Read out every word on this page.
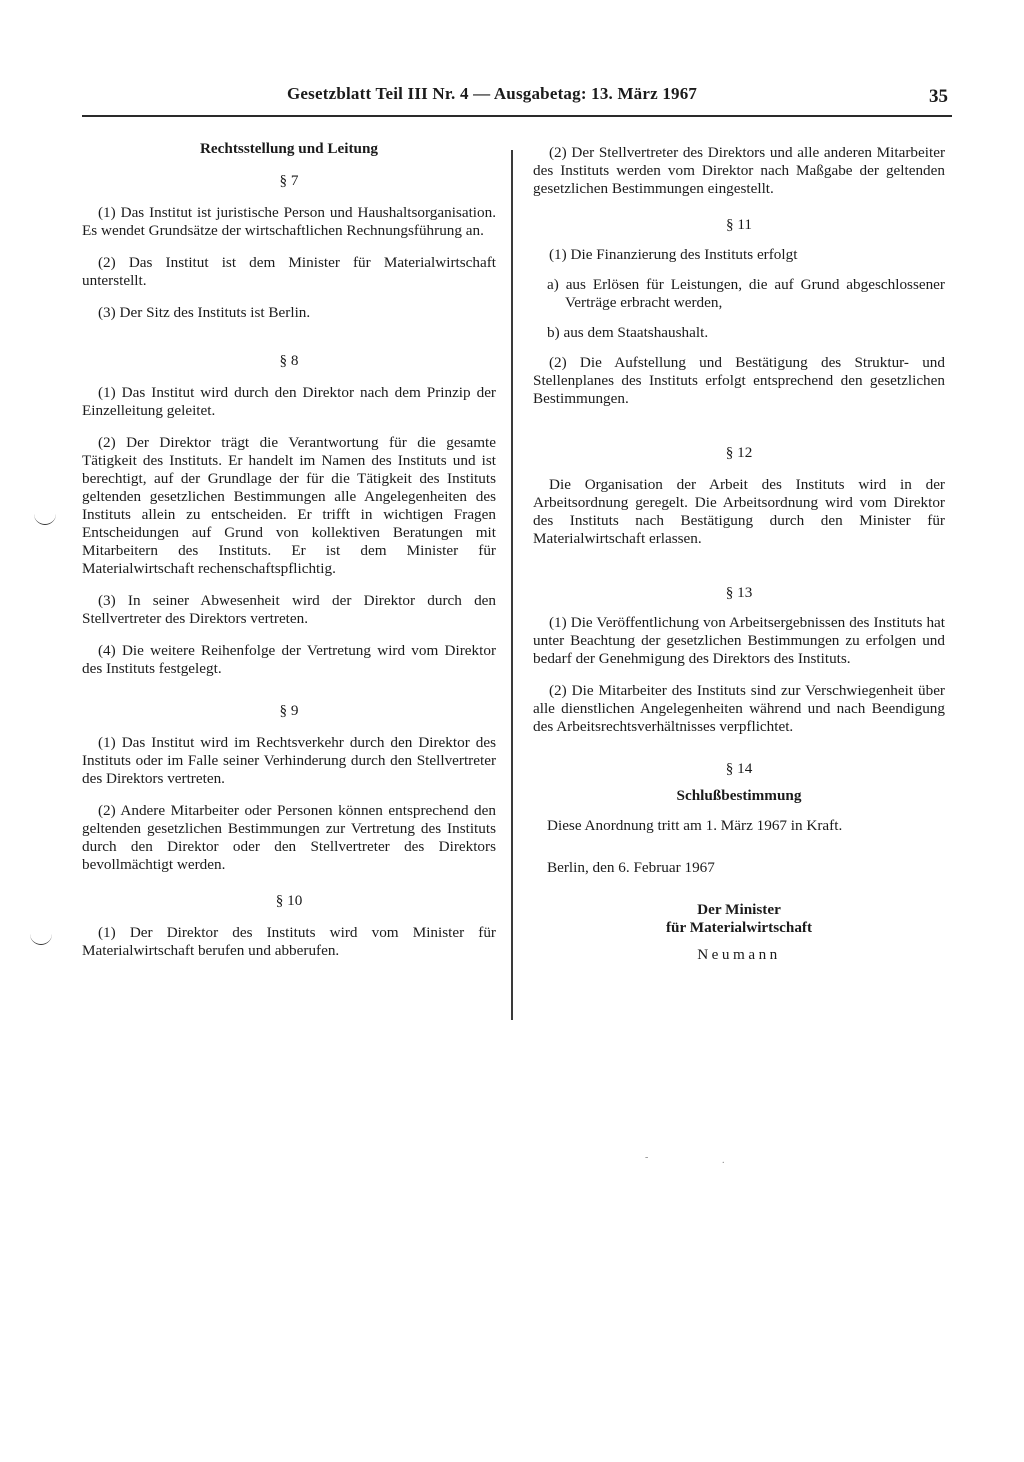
Gesetzblatt Teil III Nr. 4 — Ausgabetag: 13. März 1967	35

Rechtsstellung und Leitung

§ 7

(1) Das Institut ist juristische Person und Haushaltsorganisation. Es wendet Grundsätze der wirtschaftlichen Rechnungsführung an.

(2) Das Institut ist dem Minister für Materialwirtschaft unterstellt.

(3) Der Sitz des Instituts ist Berlin.

§ 8

(1) Das Institut wird durch den Direktor nach dem Prinzip der Einzelleitung geleitet.

(2) Der Direktor trägt die Verantwortung für die gesamte Tätigkeit des Instituts. Er handelt im Namen des Instituts und ist berechtigt, auf der Grundlage der für die Tätigkeit des Instituts geltenden gesetzlichen Bestimmungen alle Angelegenheiten des Instituts allein zu entscheiden. Er trifft in wichtigen Fragen Entscheidungen auf Grund von kollektiven Beratungen mit Mitarbeitern des Instituts. Er ist dem Minister für Materialwirtschaft rechenschaftspflichtig.

(3) In seiner Abwesenheit wird der Direktor durch den Stellvertreter des Direktors vertreten.

(4) Die weitere Reihenfolge der Vertretung wird vom Direktor des Instituts festgelegt.

§ 9

(1) Das Institut wird im Rechtsverkehr durch den Direktor des Instituts oder im Falle seiner Verhinderung durch den Stellvertreter des Direktors vertreten.

(2) Andere Mitarbeiter oder Personen können entsprechend den geltenden gesetzlichen Bestimmungen zur Vertretung des Instituts durch den Direktor oder den Stellvertreter des Direktors bevollmächtigt werden.

§ 10

(1) Der Direktor des Instituts wird vom Minister für Materialwirtschaft berufen und abberufen.

(2) Der Stellvertreter des Direktors und alle anderen Mitarbeiter des Instituts werden vom Direktor nach Maßgabe der geltenden gesetzlichen Bestimmungen eingestellt.

§ 11

(1) Die Finanzierung des Instituts erfolgt

a) aus Erlösen für Leistungen, die auf Grund abgeschlossener Verträge erbracht werden,

b) aus dem Staatshaushalt.

(2) Die Aufstellung und Bestätigung des Struktur- und Stellenplanes des Instituts erfolgt entsprechend den gesetzlichen Bestimmungen.

§ 12

Die Organisation der Arbeit des Instituts wird in der Arbeitsordnung geregelt. Die Arbeitsordnung wird vom Direktor des Instituts nach Bestätigung durch den Minister für Materialwirtschaft erlassen.

§ 13

(1) Die Veröffentlichung von Arbeitsergebnissen des Instituts hat unter Beachtung der gesetzlichen Bestimmungen zu erfolgen und bedarf der Genehmigung des Direktors des Instituts.

(2) Die Mitarbeiter des Instituts sind zur Verschwiegenheit über alle dienstlichen Angelegenheiten während und nach Beendigung des Arbeitsrechtsverhältnisses verpflichtet.

§ 14

Schlußbestimmung

Diese Anordnung tritt am 1. März 1967 in Kraft.

Berlin, den 6. Februar 1967

Der Minister

für Materialwirtschaft

Neumann

-	.
